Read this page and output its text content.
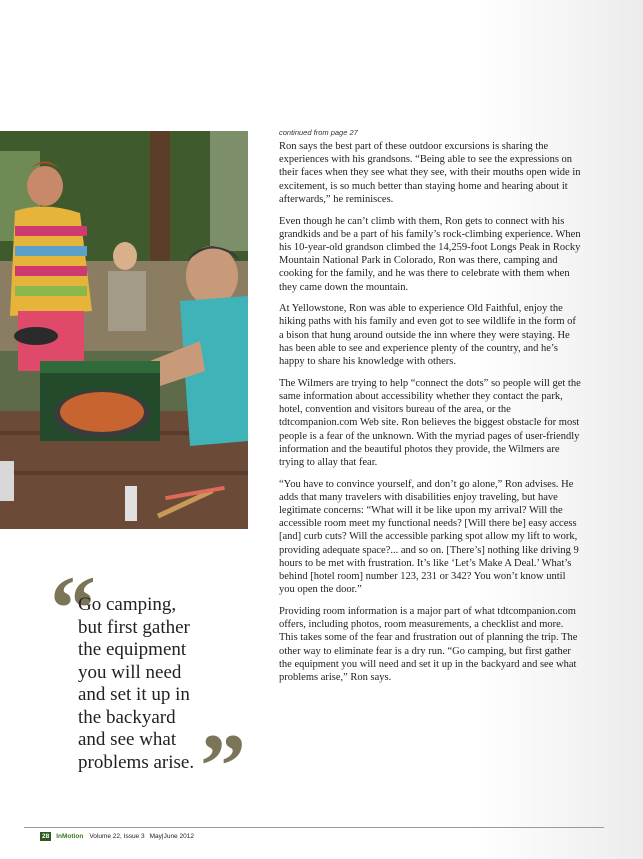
“
Go camping,
but first gather
the equipment
you will need
and set it up in
the backyard
and see what
problems arise. ”

continued from page 27

Ron says the best part of these outdoor excursions is sharing the experiences with his grandsons. “Being able to see the expressions on their faces when they see what they see, with their mouths open wide in excitement, is so much better than staying home and hearing about it afterwards,” he reminisces.

Even though he can’t climb with them, Ron gets to connect with his grandkids and be a part of his family’s rock-climbing experience. When his 10-year-old grandson climbed the 14,259-foot Longs Peak in Rocky Mountain National Park in Colorado, Ron was there, camping and cooking for the family, and he was there to celebrate with them when they came down the mountain.

At Yellowstone, Ron was able to experience Old Faithful, enjoy the hiking paths with his family and even got to see wildlife in the form of a bison that hung around outside the inn where they were staying. He has been able to see and experience plenty of the country, and he’s happy to share his knowledge with others.

The Wilmers are trying to help “connect the dots” so people will get the same information about accessibility whether they contact the park, hotel, convention and visitors bureau of the area, or the tdtcompanion.com Web site. Ron believes the biggest obstacle for most people is a fear of the unknown. With the myriad pages of user-friendly information and the beautiful photos they provide, the Wilmers are trying to allay that fear.

“You have to convince yourself, and don’t go alone,” Ron advises. He adds that many travelers with disabilities enjoy traveling, but have legitimate concerns: “What will it be like upon my arrival? Will the accessible room meet my functional needs? [Will there be] easy access [and] curb cuts? Will the accessible parking spot allow my lift to work, providing adequate space?... and so on. [There’s] nothing like driving 9 hours to be met with frustration. It’s like ‘Let’s Make A Deal.’ What’s behind [hotel room] number 123, 231 or 342? You won’t know until you open the door.”

Providing room information is a major part of what tdtcompanion.com offers, including photos, room measurements, a checklist and more. This takes some of the fear and frustration out of planning the trip. The other way to eliminate fear is a dry run. “Go camping, but first gather the equipment you will need and set it up in the backyard and see what problems arise,” Ron says.

28	InMotion Volume 22, Issue 3 May|June 2012
